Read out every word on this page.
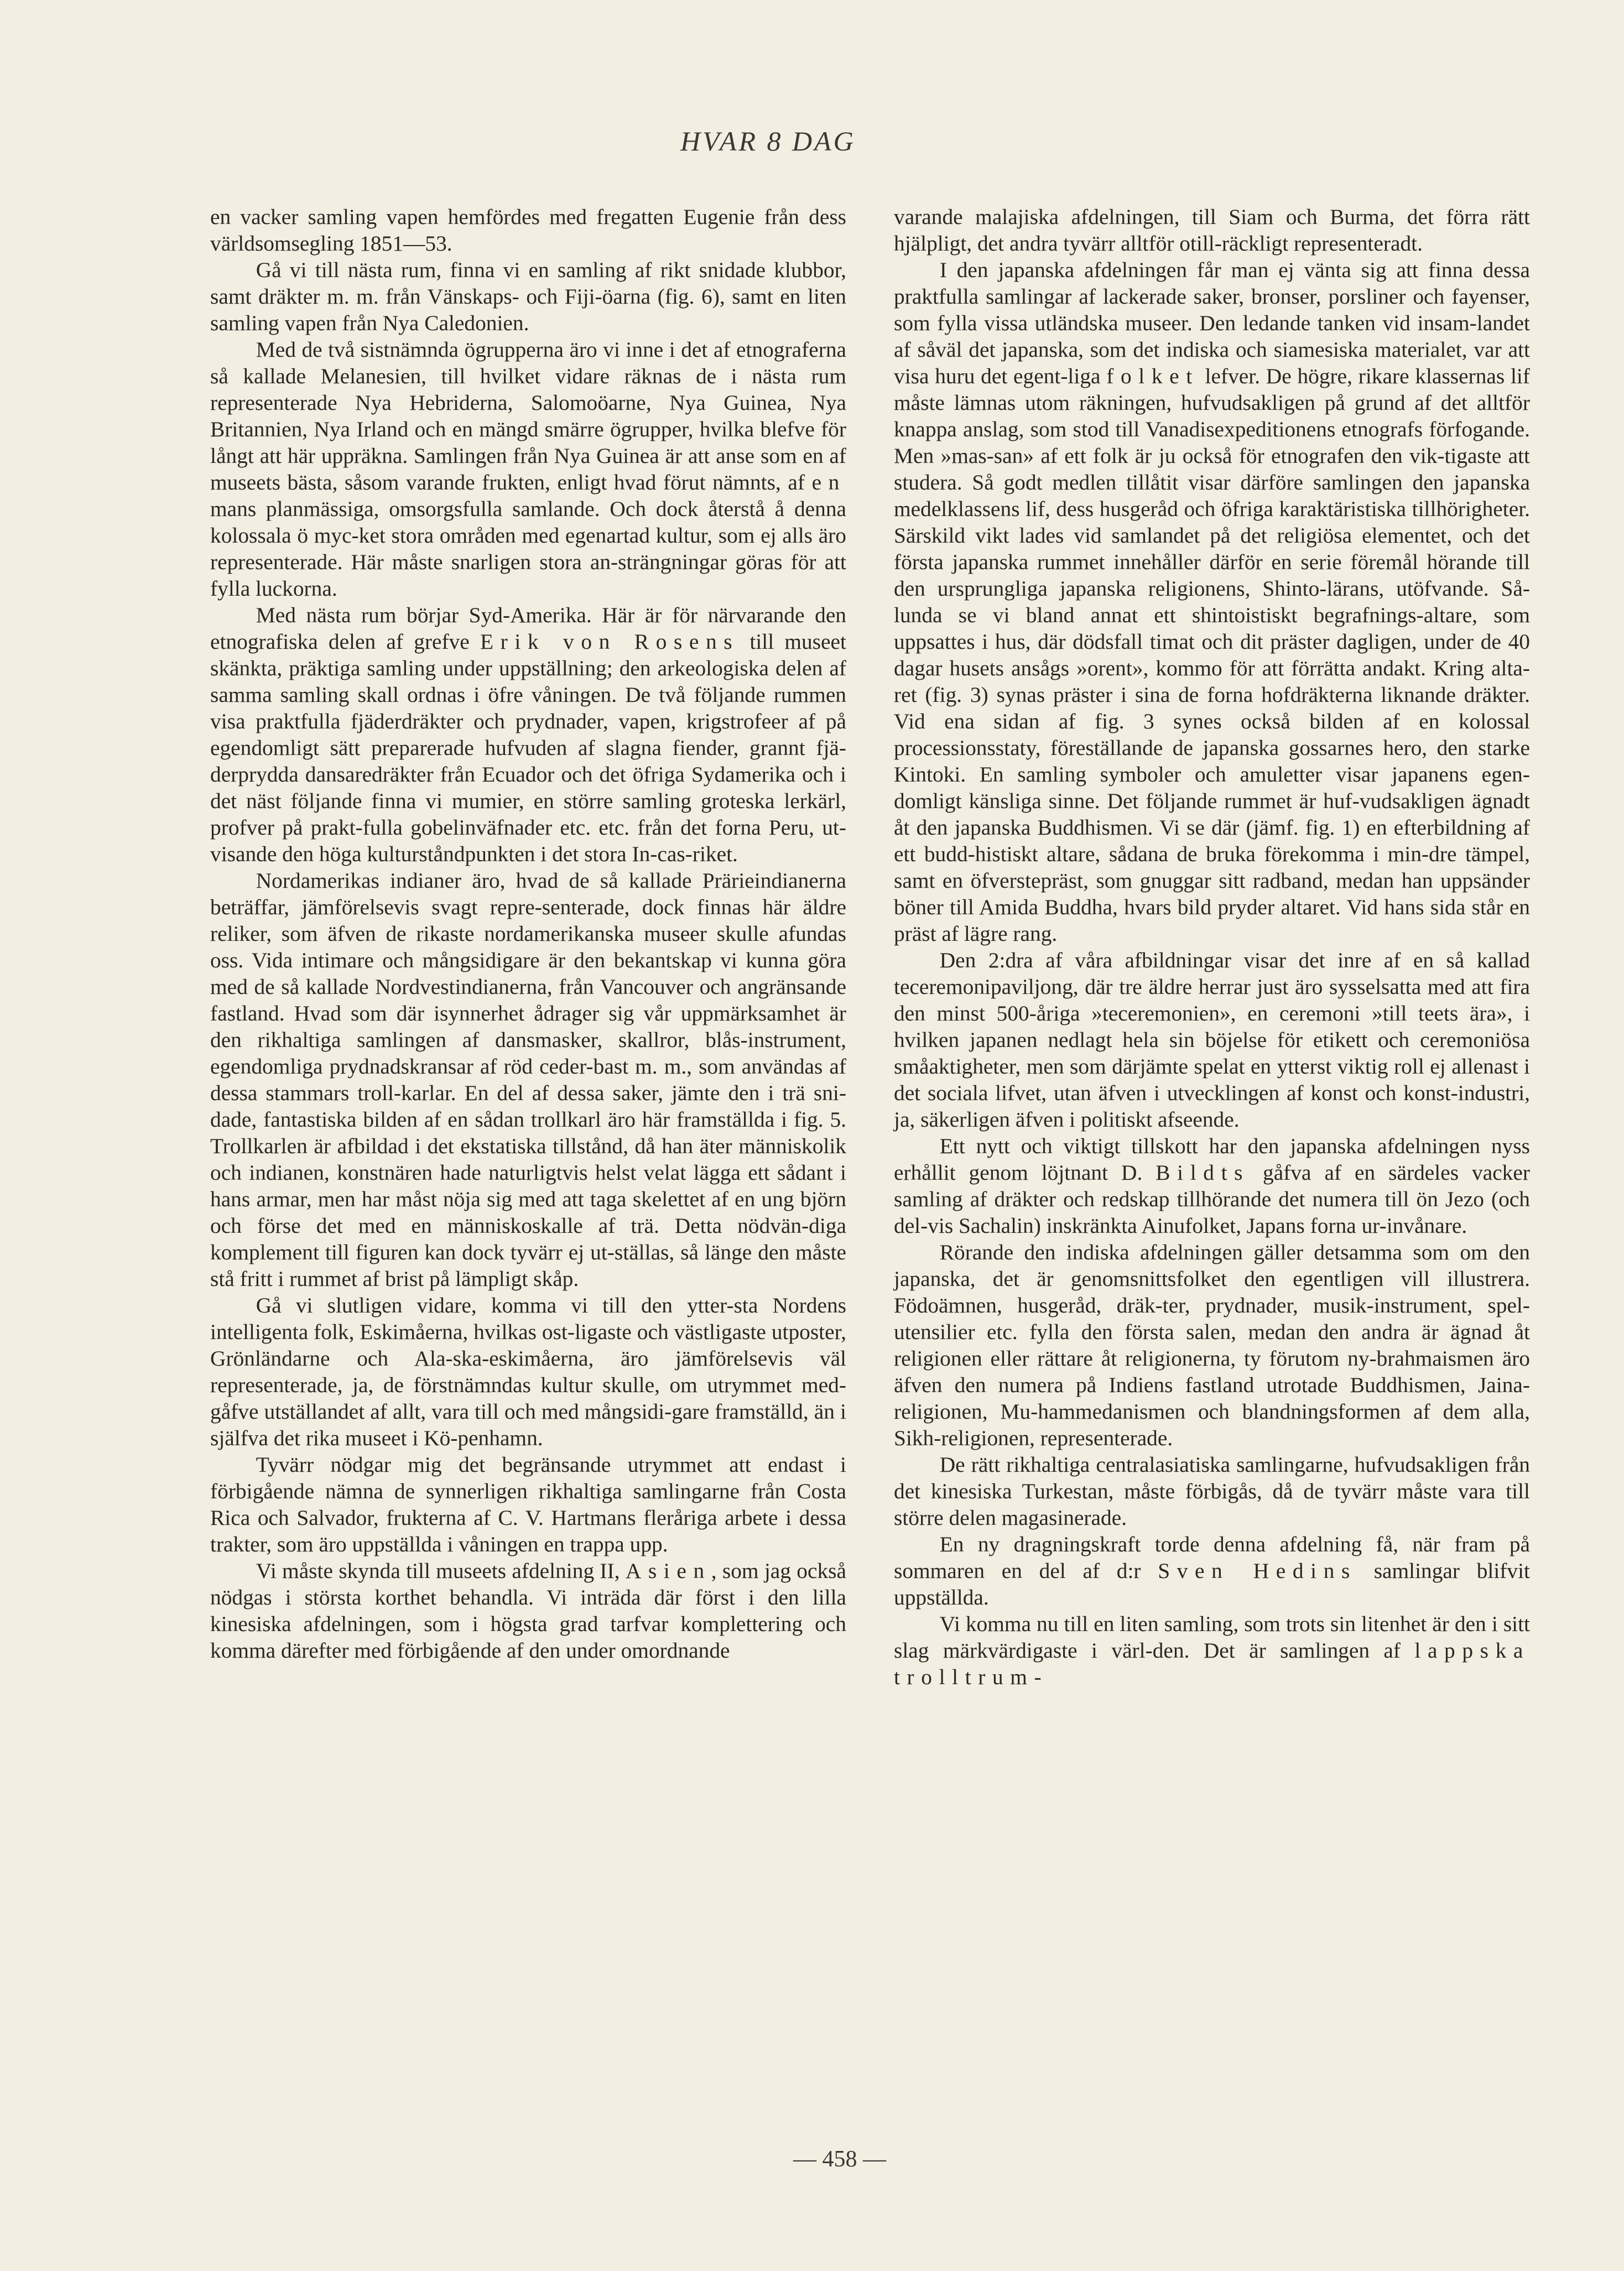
HVAR 8 DAG

en vacker samling vapen hemfördes med fregatten Eugenie från dess världsomsegling 1851—53.

Gå vi till nästa rum, finna vi en samling af rikt snidade klubbor, samt dräkter m. m. från Vänskaps- och Fiji-öarna (fig. 6), samt en liten samling vapen från Nya Caledonien.

Med de två sistnämnda ögrupperna äro vi inne i det af etnograferna så kallade Melanesien, till hvilket vidare räknas de i nästa rum representerade Nya Hebriderna, Salomoöarne, Nya Guinea, Nya Britannien, Nya Irland och en mängd smärre ögrupper, hvilka blefve för långt att här uppräkna. Samlingen från Nya Guinea är att anse som en af museets bästa, såsom varande frukten, enligt hvad förut nämnts, af en mans planmässiga, omsorgsfulla samlande. Och dock återstå å denna kolossala ö myc-ket stora områden med egenartad kultur, som ej alls äro representerade. Här måste snarligen stora an-strängningar göras för att fylla luckorna.

Med nästa rum börjar Syd-Amerika. Här är för närvarande den etnografiska delen af grefve Erik von Rosens till museet skänkta, präktiga samling under uppställning; den arkeologiska delen af samma samling skall ordnas i öfre våningen. De två följande rummen visa praktfulla fjäderdräkter och prydnader, vapen, krigstrofeer af på egendomligt sätt preparerade hufvuden af slagna fiender, grannt fjä-derprydda dansaredräkter från Ecuador och det öfriga Sydamerika och i det näst följande finna vi mumier, en större samling groteska lerkärl, profver på prakt-fulla gobelinväfnader etc. etc. från det forna Peru, ut-visande den höga kulturståndpunkten i det stora In-cas-riket.

Nordamerikas indianer äro, hvad de så kallade Prärieindianerna beträffar, jämförelsevis svagt repre-senterade, dock finnas här äldre reliker, som äfven de rikaste nordamerikanska museer skulle afundas oss. Vida intimare och mångsidigare är den bekantskap vi kunna göra med de så kallade Nordvestindianerna, från Vancouver och angränsande fastland. Hvad som där isynnerhet ådrager sig vår uppmärksamhet är den rikhaltiga samlingen af dansmasker, skallror, blås-instrument, egendomliga prydnadskransar af röd ceder-bast m. m., som användas af dessa stammars troll-karlar. En del af dessa saker, jämte den i trä sni-dade, fantastiska bilden af en sådan trollkarl äro här framställda i fig. 5. Trollkarlen är afbildad i det ekstatiska tillstånd, då han äter människolik och indianen, konstnären hade naturligtvis helst velat lägga ett sådant i hans armar, men har måst nöja sig med att taga skelettet af en ung björn och förse det med en människoskalle af trä. Detta nödvän-diga komplement till figuren kan dock tyvärr ej ut-ställas, så länge den måste stå fritt i rummet af brist på lämpligt skåp.

Gå vi slutligen vidare, komma vi till den ytter-sta Nordens intelligenta folk, Eskimåerna, hvilkas ost-ligaste och västligaste utposter, Grönländarne och Ala-ska-eskimåerna, äro jämförelsevis väl representerade, ja, de förstnämndas kultur skulle, om utrymmet med-gåfve utställandet af allt, vara till och med mångsidi-gare framställd, än i själfva det rika museet i Kö-penhamn.

Tyvärr nödgar mig det begränsande utrymmet att endast i förbigående nämna de synnerligen rikhaltiga samlingarne från Costa Rica och Salvador, frukterna af C. V. Hartmans fleråriga arbete i dessa trakter, som äro uppställda i våningen en trappa upp.

Vi måste skynda till museets afdelning II, Asien, som jag också nödgas i största korthet behandla. Vi inträda där först i den lilla kinesiska afdelningen, som i högsta grad tarfvar komplettering och komma därefter med förbigående af den under omordnande

varande malajiska afdelningen, till Siam och Burma, det förra rätt hjälpligt, det andra tyvärr alltför otill-räckligt representeradt.

I den japanska afdelningen får man ej vänta sig att finna dessa praktfulla samlingar af lackerade saker, bronser, porsliner och fayenser, som fylla vissa utländska museer. Den ledande tanken vid insam-landet af såväl det japanska, som det indiska och siamesiska materialet, var att visa huru det egent-liga folket lefver. De högre, rikare klassernas lif måste lämnas utom räkningen, hufvudsakligen på grund af det alltför knappa anslag, som stod till Vanadisexpeditionens etnografs förfogande. Men »mas-san» af ett folk är ju också för etnografen den vik-tigaste att studera. Så godt medlen tillåtit visar därföre samlingen den japanska medelklassens lif, dess husgeråd och öfriga karaktäristiska tillhörigheter. Särskild vikt lades vid samlandet på det religiösa elementet, och det första japanska rummet innehåller därför en serie föremål hörande till den ursprungliga japanska religionens, Shinto-lärans, utöfvande. Så-lunda se vi bland annat ett shintoistiskt begrafnings-altare, som uppsattes i hus, där dödsfall timat och dit präster dagligen, under de 40 dagar husets ansågs »orent», kommo för att förrätta andakt. Kring alta-ret (fig. 3) synas präster i sina de forna hofdräkterna liknande dräkter. Vid ena sidan af fig. 3 synes också bilden af en kolossal processionsstaty, föreställande de japanska gossarnes hero, den starke Kintoki. En samling symboler och amuletter visar japanens egen-domligt känsliga sinne. Det följande rummet är huf-vudsakligen ägnadt åt den japanska Buddhismen. Vi se där (jämf. fig. 1) en efterbildning af ett budd-histiskt altare, sådana de bruka förekomma i min-dre tämpel, samt en öfverstepräst, som gnuggar sitt radband, medan han uppsänder böner till Amida Buddha, hvars bild pryder altaret. Vid hans sida står en präst af lägre rang.

Den 2:dra af våra afbildningar visar det inre af en så kallad teceremonipaviljong, där tre äldre herrar just äro sysselsatta med att fira den minst 500-åriga »teceremonien», en ceremoni »till teets ära», i hvilken japanen nedlagt hela sin böjelse för etikett och ceremoniösa småaktigheter, men som därjämte spelat en ytterst viktig roll ej allenast i det sociala lifvet, utan äfven i utvecklingen af konst och konst-industri, ja, säkerligen äfven i politiskt afseende.

Ett nytt och viktigt tillskott har den japanska afdelningen nyss erhållit genom löjtnant D. Bildts gåfva af en särdeles vacker samling af dräkter och redskap tillhörande det numera till ön Jezo (och del-vis Sachalin) inskränkta Ainufolket, Japans forna ur-invånare.

Rörande den indiska afdelningen gäller detsamma som om den japanska, det är genomsnittsfolket den egentligen vill illustrera. Födoämnen, husgeråd, dräk-ter, prydnader, musik-instrument, spel-utensilier etc. fylla den första salen, medan den andra är ägnad åt religionen eller rättare åt religionerna, ty förutom ny-brahmaismen äro äfven den numera på Indiens fastland utrotade Buddhismen, Jaina-religionen, Mu-hammedanismen och blandningsformen af dem alla, Sikh-religionen, representerade.

De rätt rikhaltiga centralasiatiska samlingarne, hufvudsakligen från det kinesiska Turkestan, måste förbigås, då de tyvärr måste vara till större delen magasinerade.

En ny dragningskraft torde denna afdelning få, när fram på sommaren en del af d:r Sven Hedins samlingar blifvit uppställda.

Vi komma nu till en liten samling, som trots sin litenhet är den i sitt slag märkvärdigaste i värl-den. Det är samlingen af lappska trolltrum-

— 458 —
